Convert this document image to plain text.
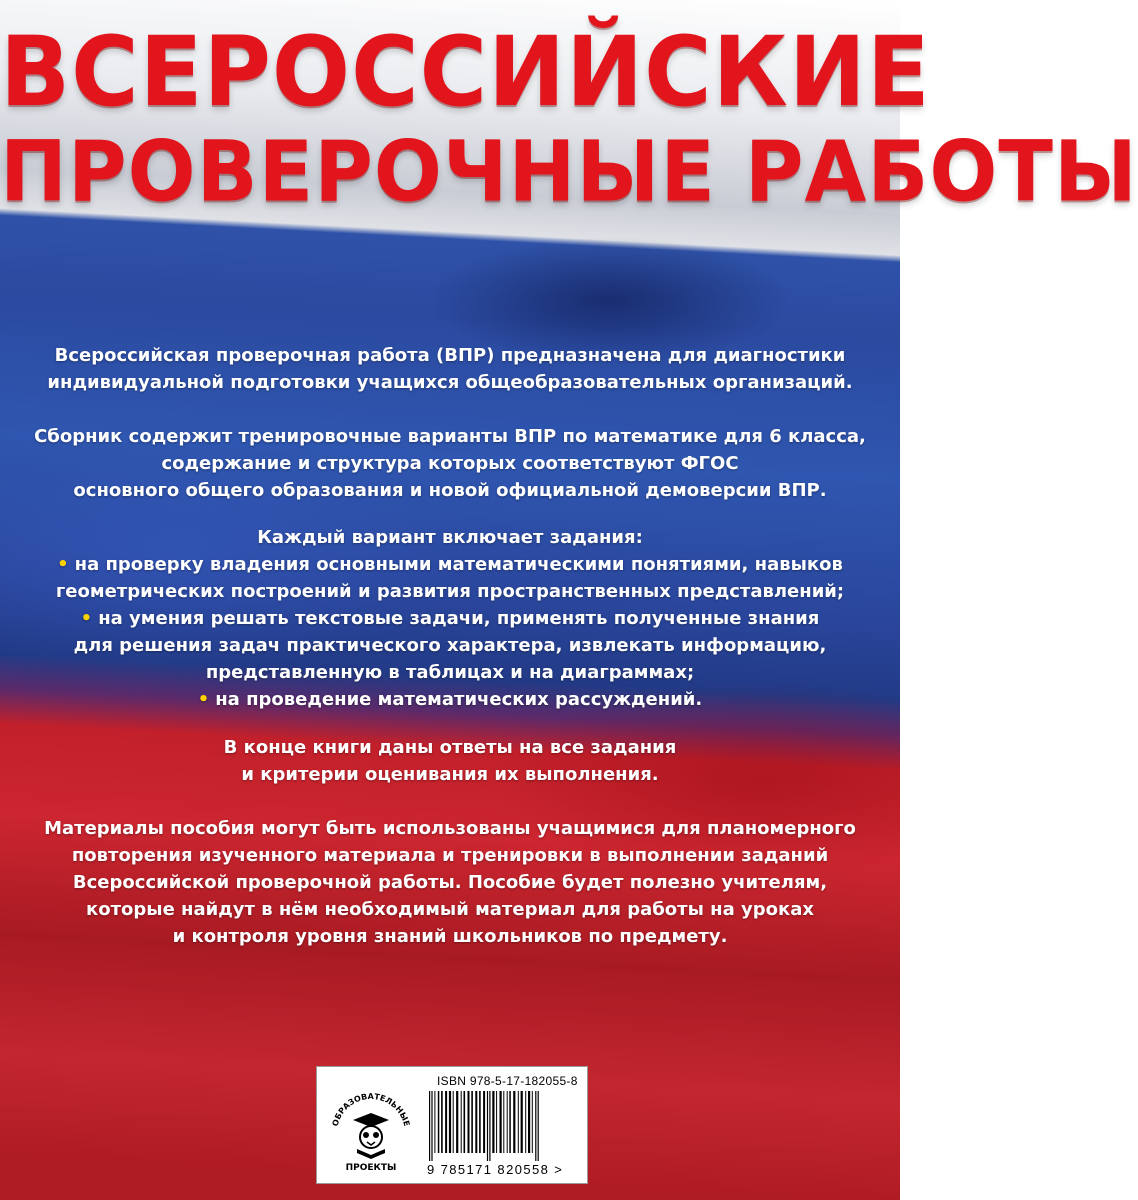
ВСЕРОССИЙСКИЕ
ПРОВЕРОЧНЫЕ РАБОТЫ

Всероссийская проверочная работа (ВПР) предназначена для диагностики

индивидуальной подготовки учащихся общеобразовательных организаций.

Сборник содержит тренировочные варианты ВПР по математике для 6 класса,

содержание и структура которых соответствуют ФГОС

основного общего образования и новой официальной демоверсии ВПР.

Каждый вариант включает задания:

• на проверку владения основными математическими понятиями, навыков

геометрических построений и развития пространственных представлений;

• на умения решать текстовые задачи, применять полученные знания

для решения задач практического характера, извлекать информацию,

представленную в таблицах и на диаграммах;

• на проведение математических рассуждений.

В конце книги даны ответы на все задания

и критерии оценивания их выполнения.

Материалы пособия могут быть использованы учащимися для планомерного

повторения изученного материала и тренировки в выполнении заданий

Всероссийской проверочной работы. Пособие будет полезно учителям,

которые найдут в нём необходимый материал для работы на уроках

и контроля уровня знаний школьников по предмету.

ОБРАЗОВАТЕЛЬНЫЕ
ПРОЕКТЫ
ISBN 978-5-17-182055-8
9 785171 820558 >
